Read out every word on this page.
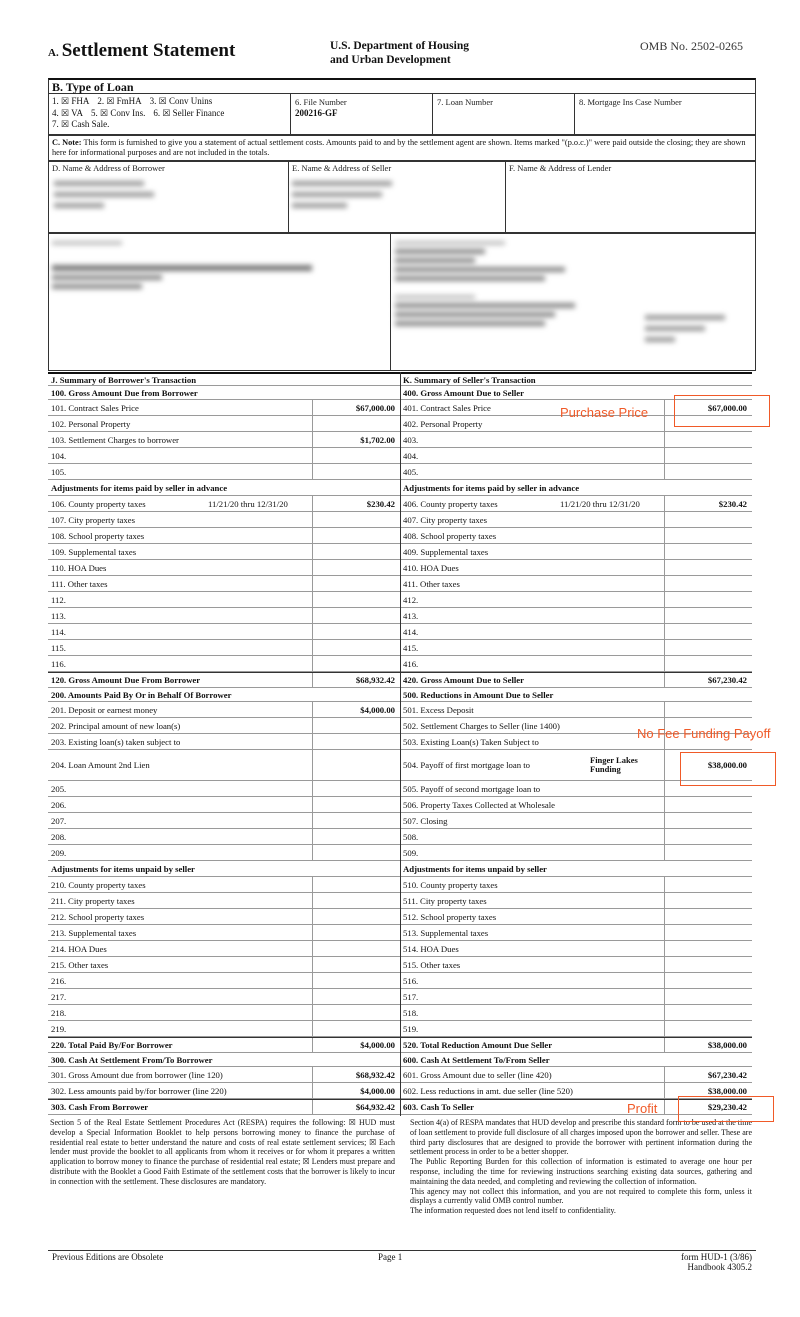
A. Settlement Statement	U.S. Department of Housing
and Urban Development
OMB No. 2502-0265
B. Type of Loan
1. ☒ FHA 2. ☒ FmHA 3. ☒ Conv Unins
4. ☒ VA 5. ☒ Conv Ins. 6. ☒ Seller Finance
7. ☒ Cash Sale.
6. File Number
200216-GF
7. Loan Number	8. Mortgage Ins Case Number
C. Note: This form is furnished to give you a statement of actual settlement costs. Amounts paid to and by the settlement agent are shown. Items marked "(p.o.c.)" were paid outside the closing; they are shown here for informational purposes and are not included in the totals.
D. Name & Address of Borrower	E. Name & Address of Seller	F. Name & Address of Lender
J. Summary of Borrower's Transaction
100. Gross Amount Due from Borrower
101. Contract Sales Price	$67,000.00
102. Personal Property
103. Settlement Charges to borrower	$1,702.00
104.
105.
Adjustments for items paid by seller in advance
106. County property taxes	11/21/20 thru 12/31/20	$230.42
107. City property taxes
108. School property taxes
109. Supplemental taxes
110. HOA Dues
111. Other taxes
112.
113.
114.
115.
116.
120. Gross Amount Due From Borrower	$68,932.42
200. Amounts Paid By Or in Behalf Of Borrower
201. Deposit or earnest money	$4,000.00
202. Principal amount of new loan(s)
203. Existing loan(s) taken subject to
204. Loan Amount 2nd Lien
205.
206.
207.
208.
209.
Adjustments for items unpaid by seller
210. County property taxes
211. City property taxes
212. School property taxes
213. Supplemental taxes
214. HOA Dues
215. Other taxes
216.
217.
218.
219.
220. Total Paid By/For Borrower	$4,000.00
300. Cash At Settlement From/To Borrower
301. Gross Amount due from borrower (line 120)	$68,932.42
302. Less amounts paid by/for borrower (line 220)	$4,000.00
303. Cash From Borrower	$64,932.42
K. Summary of Seller's Transaction
400. Gross Amount Due to Seller
401. Contract Sales Price	$67,000.00
402. Personal Property
403.
404.
405.
Adjustments for items paid by seller in advance
406. County property taxes	11/21/20 thru 12/31/20	$230.42
407. City property taxes
408. School property taxes
409. Supplemental taxes
410. HOA Dues
411. Other taxes
412.
413.
414.
415.
416.
420. Gross Amount Due to Seller	$67,230.42
500. Reductions in Amount Due to Seller
501. Excess Deposit
502. Settlement Charges to Seller (line 1400)
503. Existing Loan(s) Taken Subject to
504. Payoff of first mortgage loan to	Finger Lakes
Funding	$38,000.00
505. Payoff of second mortgage loan to
506. Property Taxes Collected at Wholesale
507. Closing
508.
509.
Adjustments for items unpaid by seller
510. County property taxes
511. City property taxes
512. School property taxes
513. Supplemental taxes
514. HOA Dues
515. Other taxes
516.
517.
518.
519.
520. Total Reduction Amount Due Seller	$38,000.00
600. Cash At Settlement To/From Seller
601. Gross Amount due to seller (line 420)	$67,230.42
602. Less reductions in amt. due seller (line 520)	$38,000.00
603. Cash To Seller	$29,230.42
Section 5 of the Real Estate Settlement Procedures Act (RESPA) requires the following: ☒ HUD must develop a Special Information Booklet to help persons borrowing money to finance the purchase of residential real estate to better understand the nature and costs of real estate settlement services; ☒ Each lender must provide the booklet to all applicants from whom it receives or for whom it prepares a written application to borrow money to finance the purchase of residential real estate; ☒ Lenders must prepare and distribute with the Booklet a Good Faith Estimate of the settlement costs that the borrower is likely to incur in connection with the settlement. These disclosures are mandatory.
Section 4(a) of RESPA mandates that HUD develop and prescribe this standard form to be used at the time of loan settlement to provide full disclosure of all charges imposed upon the borrower and seller. These are third party disclosures that are designed to provide the borrower with pertinent information during the settlement process in order to be a better shopper.
The Public Reporting Burden for this collection of information is estimated to average one hour per response, including the time for reviewing instructions searching existing data sources, gathering and maintaining the data needed, and completing and reviewing the collection of information.
This agency may not collect this information, and you are not required to complete this form, unless it displays a currently valid OMB control number.
The information requested does not lend itself to confidentiality.
Previous Editions are Obsolete	Page 1	form HUD-1 (3/86)
Handbook 4305.2
Purchase Price
No Fee Funding Payoff
Profit
